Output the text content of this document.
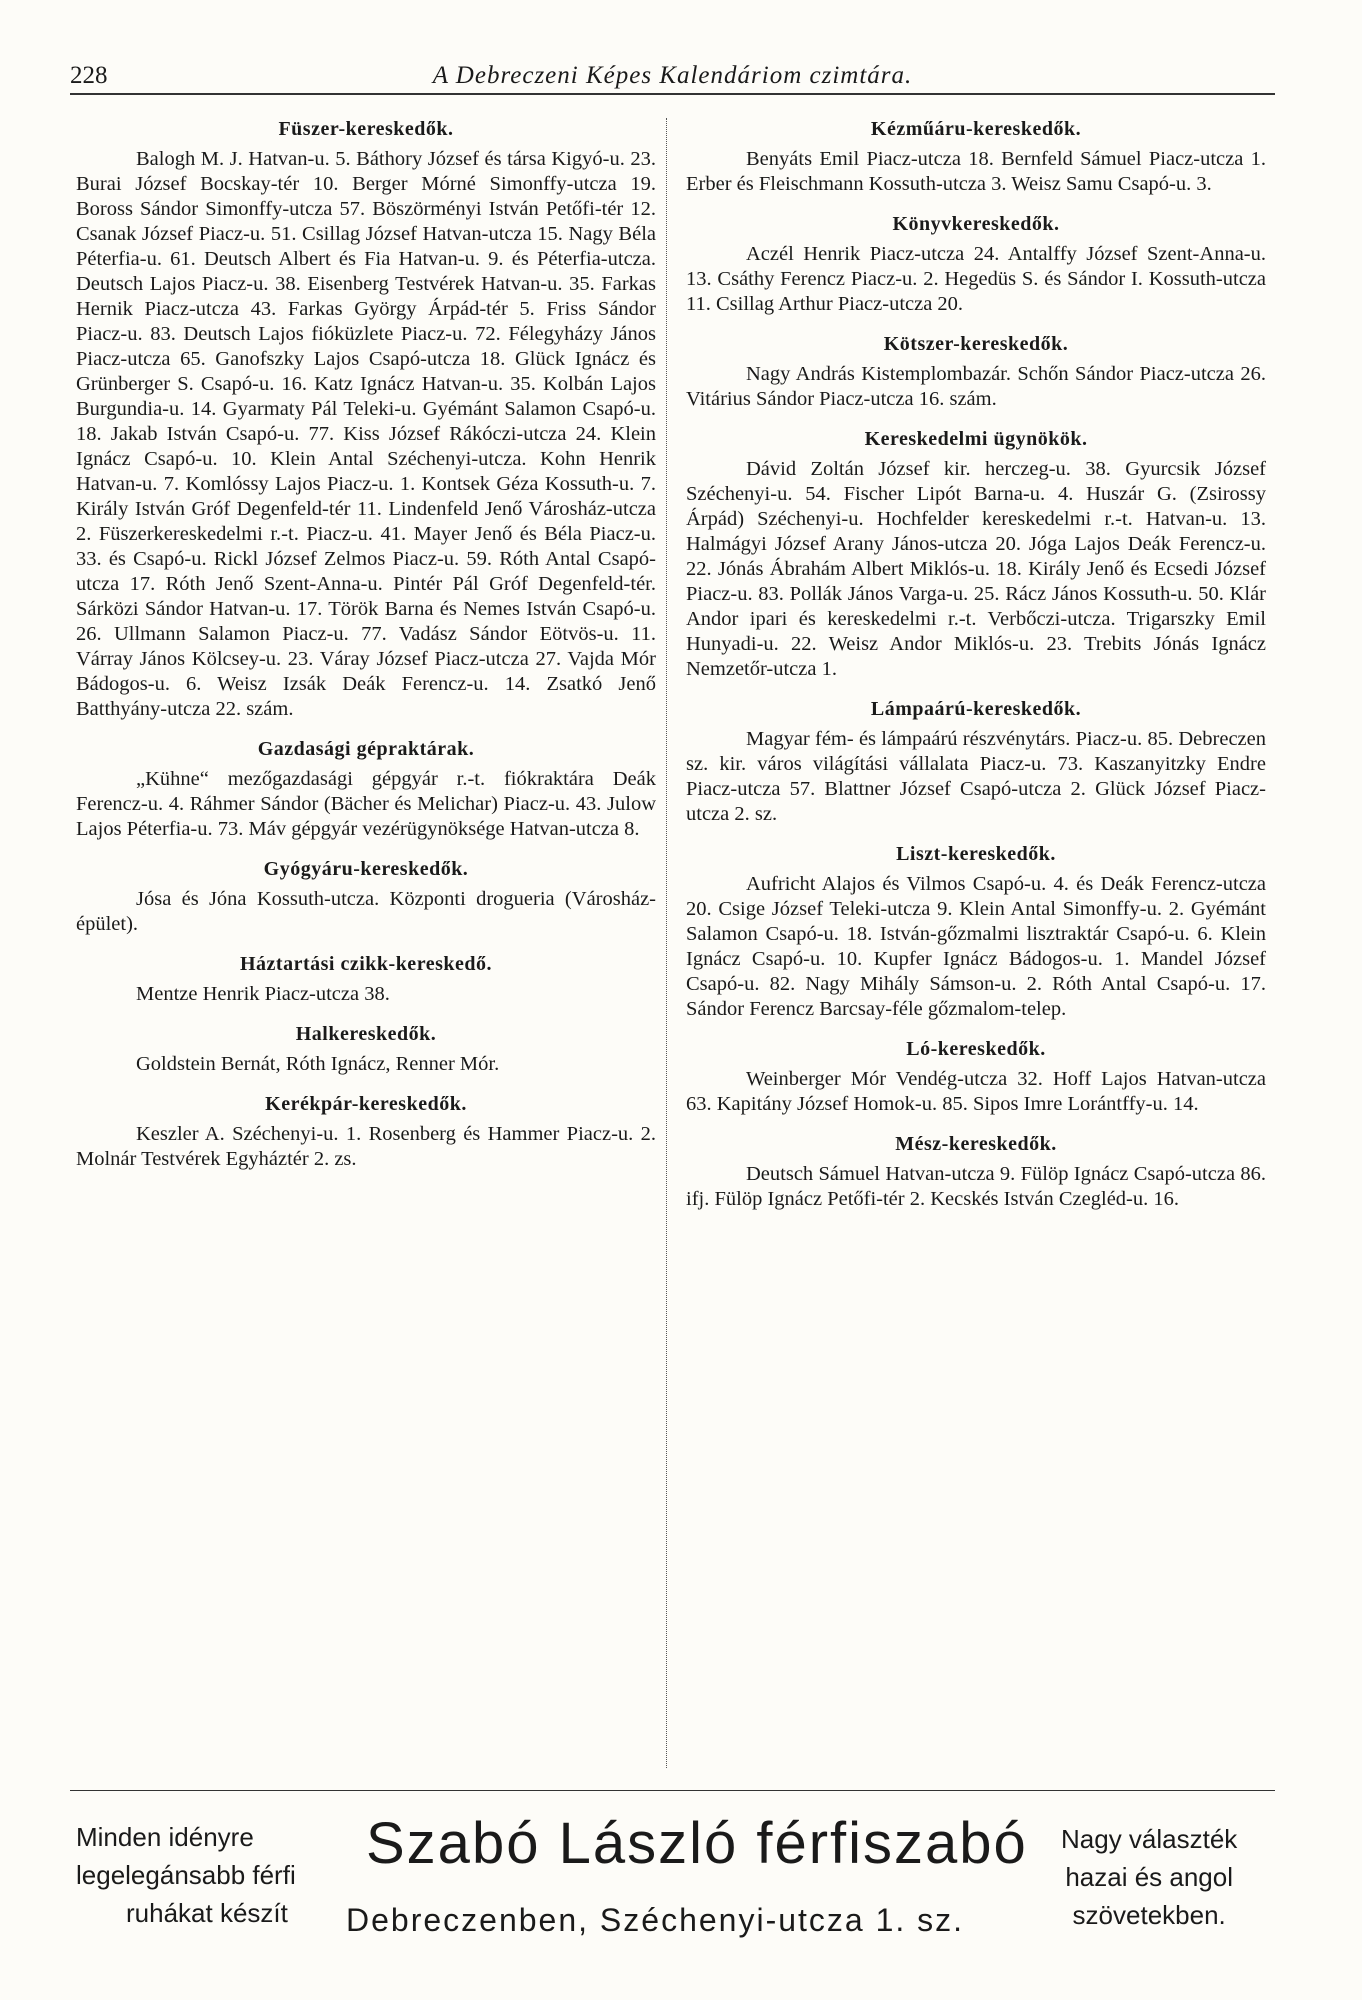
228	A Debreczeni Képes Kalendáriom czimtára.
Füszer-kereskedők.

Balogh M. J. Hatvan-u. 5. Báthory József és társa Kigyó-u. 23. Burai József Bocskay-tér 10. Berger Mórné Simonffy-utcza 19. Boross Sándor Simonffy-utcza 57. Böszörményi István Petőfi-tér 12. Csanak József Piacz-u. 51. Csillag József Hatvan-utcza 15. Nagy Béla Péterfia-u. 61. Deutsch Albert és Fia Hatvan-u. 9. és Péterfia-utcza. Deutsch Lajos Piacz-u. 38. Eisenberg Testvérek Hatvan-u. 35. Farkas Hernik Piacz-utcza 43. Farkas György Árpád-tér 5. Friss Sándor Piacz-u. 83. Deutsch Lajos fióküzlete Piacz-u. 72. Félegyházy János Piacz-utcza 65. Ganofszky Lajos Csapó-utcza 18. Glück Ignácz és Grünberger S. Csapó-u. 16. Katz Ignácz Hatvan-u. 35. Kolbán Lajos Burgundia-u. 14. Gyarmaty Pál Teleki-u. Gyémánt Salamon Csapó-u. 18. Jakab István Csapó-u. 77. Kiss József Rákóczi-utcza 24. Klein Ignácz Csapó-u. 10. Klein Antal Széchenyi-utcza. Kohn Henrik Hatvan-u. 7. Komlóssy Lajos Piacz-u. 1. Kontsek Géza Kossuth-u. 7. Király István Gróf Degenfeld-tér 11. Lindenfeld Jenő Városház-utcza 2. Füszerkereskedelmi r.-t. Piacz-u. 41. Mayer Jenő és Béla Piacz-u. 33. és Csapó-u. Rickl József Zelmos Piacz-u. 59. Róth Antal Csapó-utcza 17. Róth Jenő Szent-Anna-u. Pintér Pál Gróf Degenfeld-tér. Sárközi Sándor Hatvan-u. 17. Török Barna és Nemes István Csapó-u. 26. Ullmann Salamon Piacz-u. 77. Vadász Sándor Eötvös-u. 11. Várray János Kölcsey-u. 23. Váray József Piacz-utcza 27. Vajda Mór Bádogos-u. 6. Weisz Izsák Deák Ferencz-u. 14. Zsatkó Jenő Batthyány-utcza 22. szám.

Gazdasági gépraktárak.

„Kühne“ mezőgazdasági gépgyár r.-t. fiókraktára Deák Ferencz-u. 4. Ráhmer Sándor (Bächer és Melichar) Piacz-u. 43. Julow Lajos Péterfia-u. 73. Máv gépgyár vezérügynöksége Hatvan-utcza 8.

Gyógyáru-kereskedők.

Jósa és Jóna Kossuth-utcza. Központi drogueria (Városház-épület).

Háztartási czikk-kereskedő.

Mentze Henrik Piacz-utcza 38.

Halkereskedők.

Goldstein Bernát, Róth Ignácz, Renner Mór.

Kerékpár-kereskedők.

Keszler A. Széchenyi-u. 1. Rosenberg és Hammer Piacz-u. 2. Molnár Testvérek Egyháztér 2. zs.

Kézműáru-kereskedők.

Benyáts Emil Piacz-utcza 18. Bernfeld Sámuel Piacz-utcza 1. Erber és Fleischmann Kossuth-utcza 3. Weisz Samu Csapó-u. 3.

Könyvkereskedők.

Aczél Henrik Piacz-utcza 24. Antalffy József Szent-Anna-u. 13. Csáthy Ferencz Piacz-u. 2. Hegedüs S. és Sándor I. Kossuth-utcza 11. Csillag Arthur Piacz-utcza 20.

Kötszer-kereskedők.

Nagy András Kistemplombazár. Schőn Sándor Piacz-utcza 26. Vitárius Sándor Piacz-utcza 16. szám.

Kereskedelmi ügynökök.

Dávid Zoltán József kir. herczeg-u. 38. Gyurcsik József Széchenyi-u. 54. Fischer Lipót Barna-u. 4. Huszár G. (Zsirossy Árpád) Széchenyi-u. Hochfelder kereskedelmi r.-t. Hatvan-u. 13. Halmágyi József Arany János-utcza 20. Jóga Lajos Deák Ferencz-u. 22. Jónás Ábrahám Albert Miklós-u. 18. Király Jenő és Ecsedi József Piacz-u. 83. Pollák János Varga-u. 25. Rácz János Kossuth-u. 50. Klár Andor ipari és kereskedelmi r.-t. Verbőczi-utcza. Trigarszky Emil Hunyadi-u. 22. Weisz Andor Miklós-u. 23. Trebits Jónás Ignácz Nemzetőr-utcza 1.

Lámpaárú-kereskedők.

Magyar fém- és lámpaárú részvénytárs. Piacz-u. 85. Debreczen sz. kir. város világítási vállalata Piacz-u. 73. Kaszanyitzky Endre Piacz-utcza 57. Blattner József Csapó-utcza 2. Glück József Piacz-utcza 2. sz.

Liszt-kereskedők.

Aufricht Alajos és Vilmos Csapó-u. 4. és Deák Ferencz-utcza 20. Csige József Teleki-utcza 9. Klein Antal Simonffy-u. 2. Gyémánt Salamon Csapó-u. 18. István-gőzmalmi lisztraktár Csapó-u. 6. Klein Ignácz Csapó-u. 10. Kupfer Ignácz Bádogos-u. 1. Mandel József Csapó-u. 82. Nagy Mihály Sámson-u. 2. Róth Antal Csapó-u. 17. Sándor Ferencz Barcsay-féle gőzmalom-telep.

Ló-kereskedők.

Weinberger Mór Vendég-utcza 32. Hoff Lajos Hatvan-utcza 63. Kapitány József Homok-u. 85. Sipos Imre Lorántffy-u. 14.

Mész-kereskedők.

Deutsch Sámuel Hatvan-utcza 9. Fülöp Ignácz Csapó-utcza 86. ifj. Fülöp Ignácz Petőfi-tér 2. Kecskés István Czegléd-u. 16.

Minden idényre
legelegánsabb férfi
ruhákat készít
Szabó László férfiszabó Nagy választék
hazai és angol
szövetekben.
Debreczenben, Széchenyi-utcza 1. sz.
